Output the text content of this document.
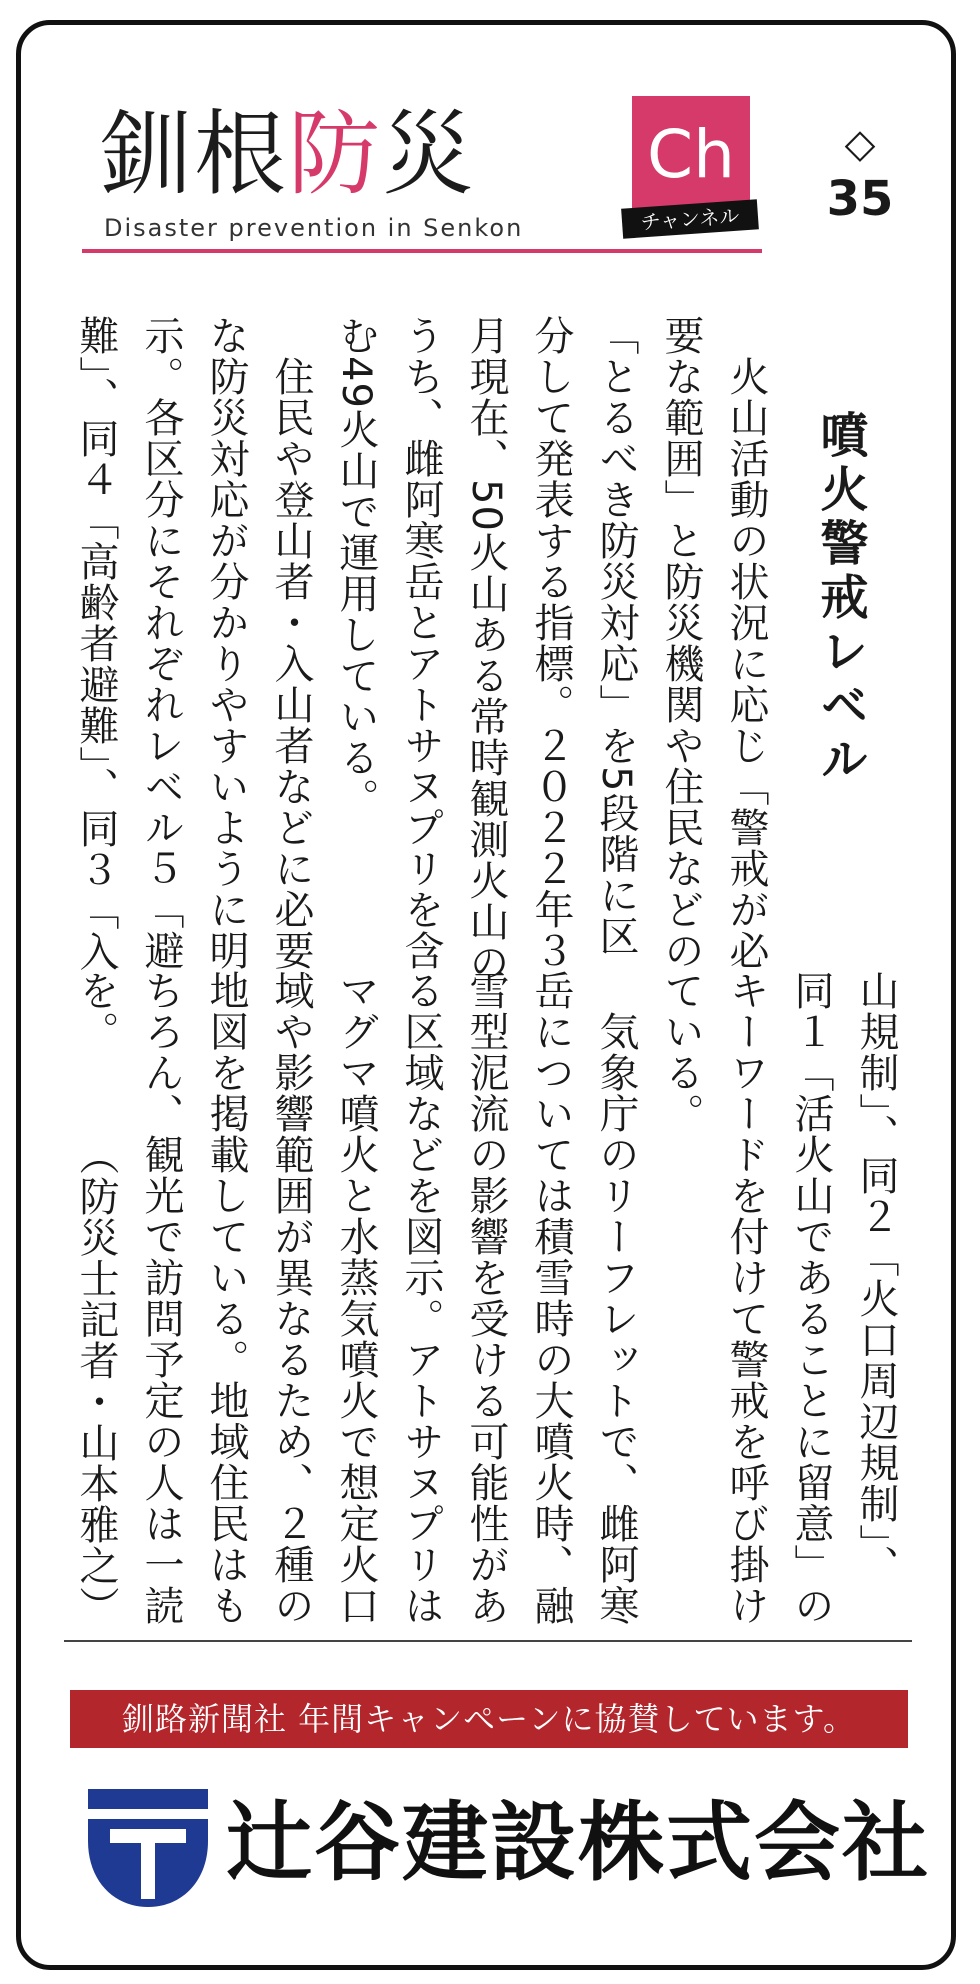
釧根防災	Ch
チャンネル
Disaster prevention in Senkon
◇
35
噴火警戒レベル
　火山活動の状況に応じ「警戒が必
要な範囲」と防災機関や住民などの
「とるべき防災対応」を5段階に区
分して発表する指標。２０２２年３
月現在、50火山ある常時観測火山の
うち、雌阿寒岳とアトサヌプリを含
む49火山で運用している。
　住民や登山者・入山者などに必要
な防災対応が分かりやすいように明
示。各区分にそれぞれレベル５「避
難」、同４「高齢者避難」、同３「入
山規制」、同２「火口周辺規制」、
同１「活火山であることに留意」の
キーワードを付けて警戒を呼び掛け
ている。
　気象庁のリーフレットで、雌阿寒
岳については積雪時の大噴火時、融
雪型泥流の影響を受ける可能性があ
る区域などを図示。アトサヌプリは
マグマ噴火と水蒸気噴火で想定火口
域や影響範囲が異なるため、２種の
地図を掲載している。地域住民はも
ちろん、観光で訪問予定の人は一読
を。　　　（防災士記者・山本雅之）
釧路新聞社 年間キャンペーンに協賛しています。
辻谷建設株式会社
